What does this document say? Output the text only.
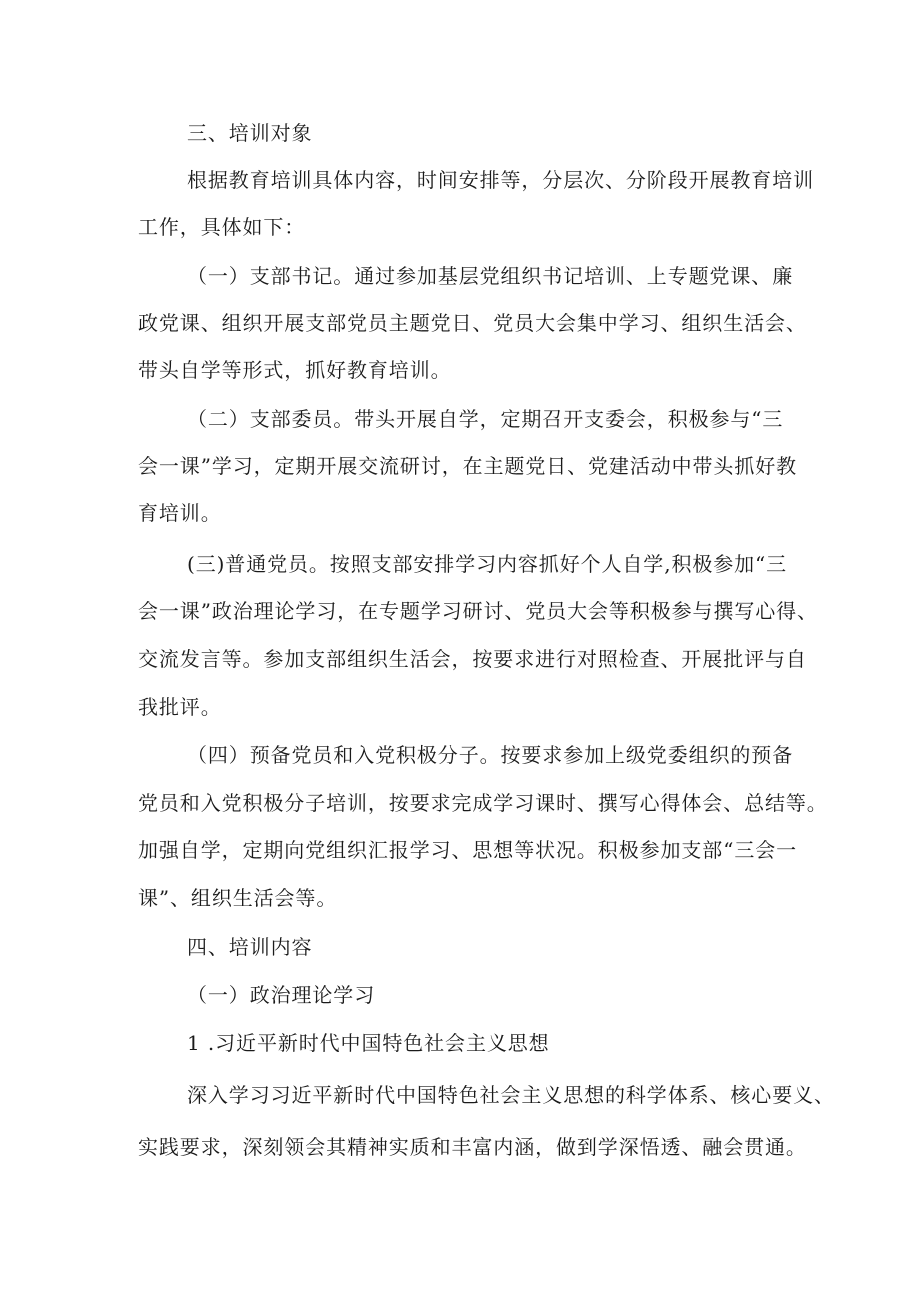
三、培训对象
根据教育培训具体内容，时间安排等，分层次、分阶段开展教育培训
工作，具体如下：
（一）支部书记。通过参加基层党组织书记培训、上专题党课、廉
政党课、组织开展支部党员主题党日、党员大会集中学习、组织生活会、
带头自学等形式，抓好教育培训。
（二）支部委员。带头开展自学，定期召开支委会，积极参与“三
会一课”学习，定期开展交流研讨，在主题党日、党建活动中带头抓好教
育培训。
(三)普通党员。按照支部安排学习内容抓好个人自学,积极参加“三
会一课”政治理论学习，在专题学习研讨、党员大会等积极参与撰写心得、
交流发言等。参加支部组织生活会，按要求进行对照检查、开展批评与自
我批评。
（四）预备党员和入党积极分子。按要求参加上级党委组织的预备
党员和入党积极分子培训，按要求完成学习课时、撰写心得体会、总结等。
加强自学，定期向党组织汇报学习、思想等状况。积极参加支部“三会一
课”、组织生活会等。
四、培训内容
（一）政治理论学习
1 .习近平新时代中国特色社会主义思想
深入学习习近平新时代中国特色社会主义思想的科学体系、核心要义、
实践要求，深刻领会其精神实质和丰富内涵，做到学深悟透、融会贯通。
